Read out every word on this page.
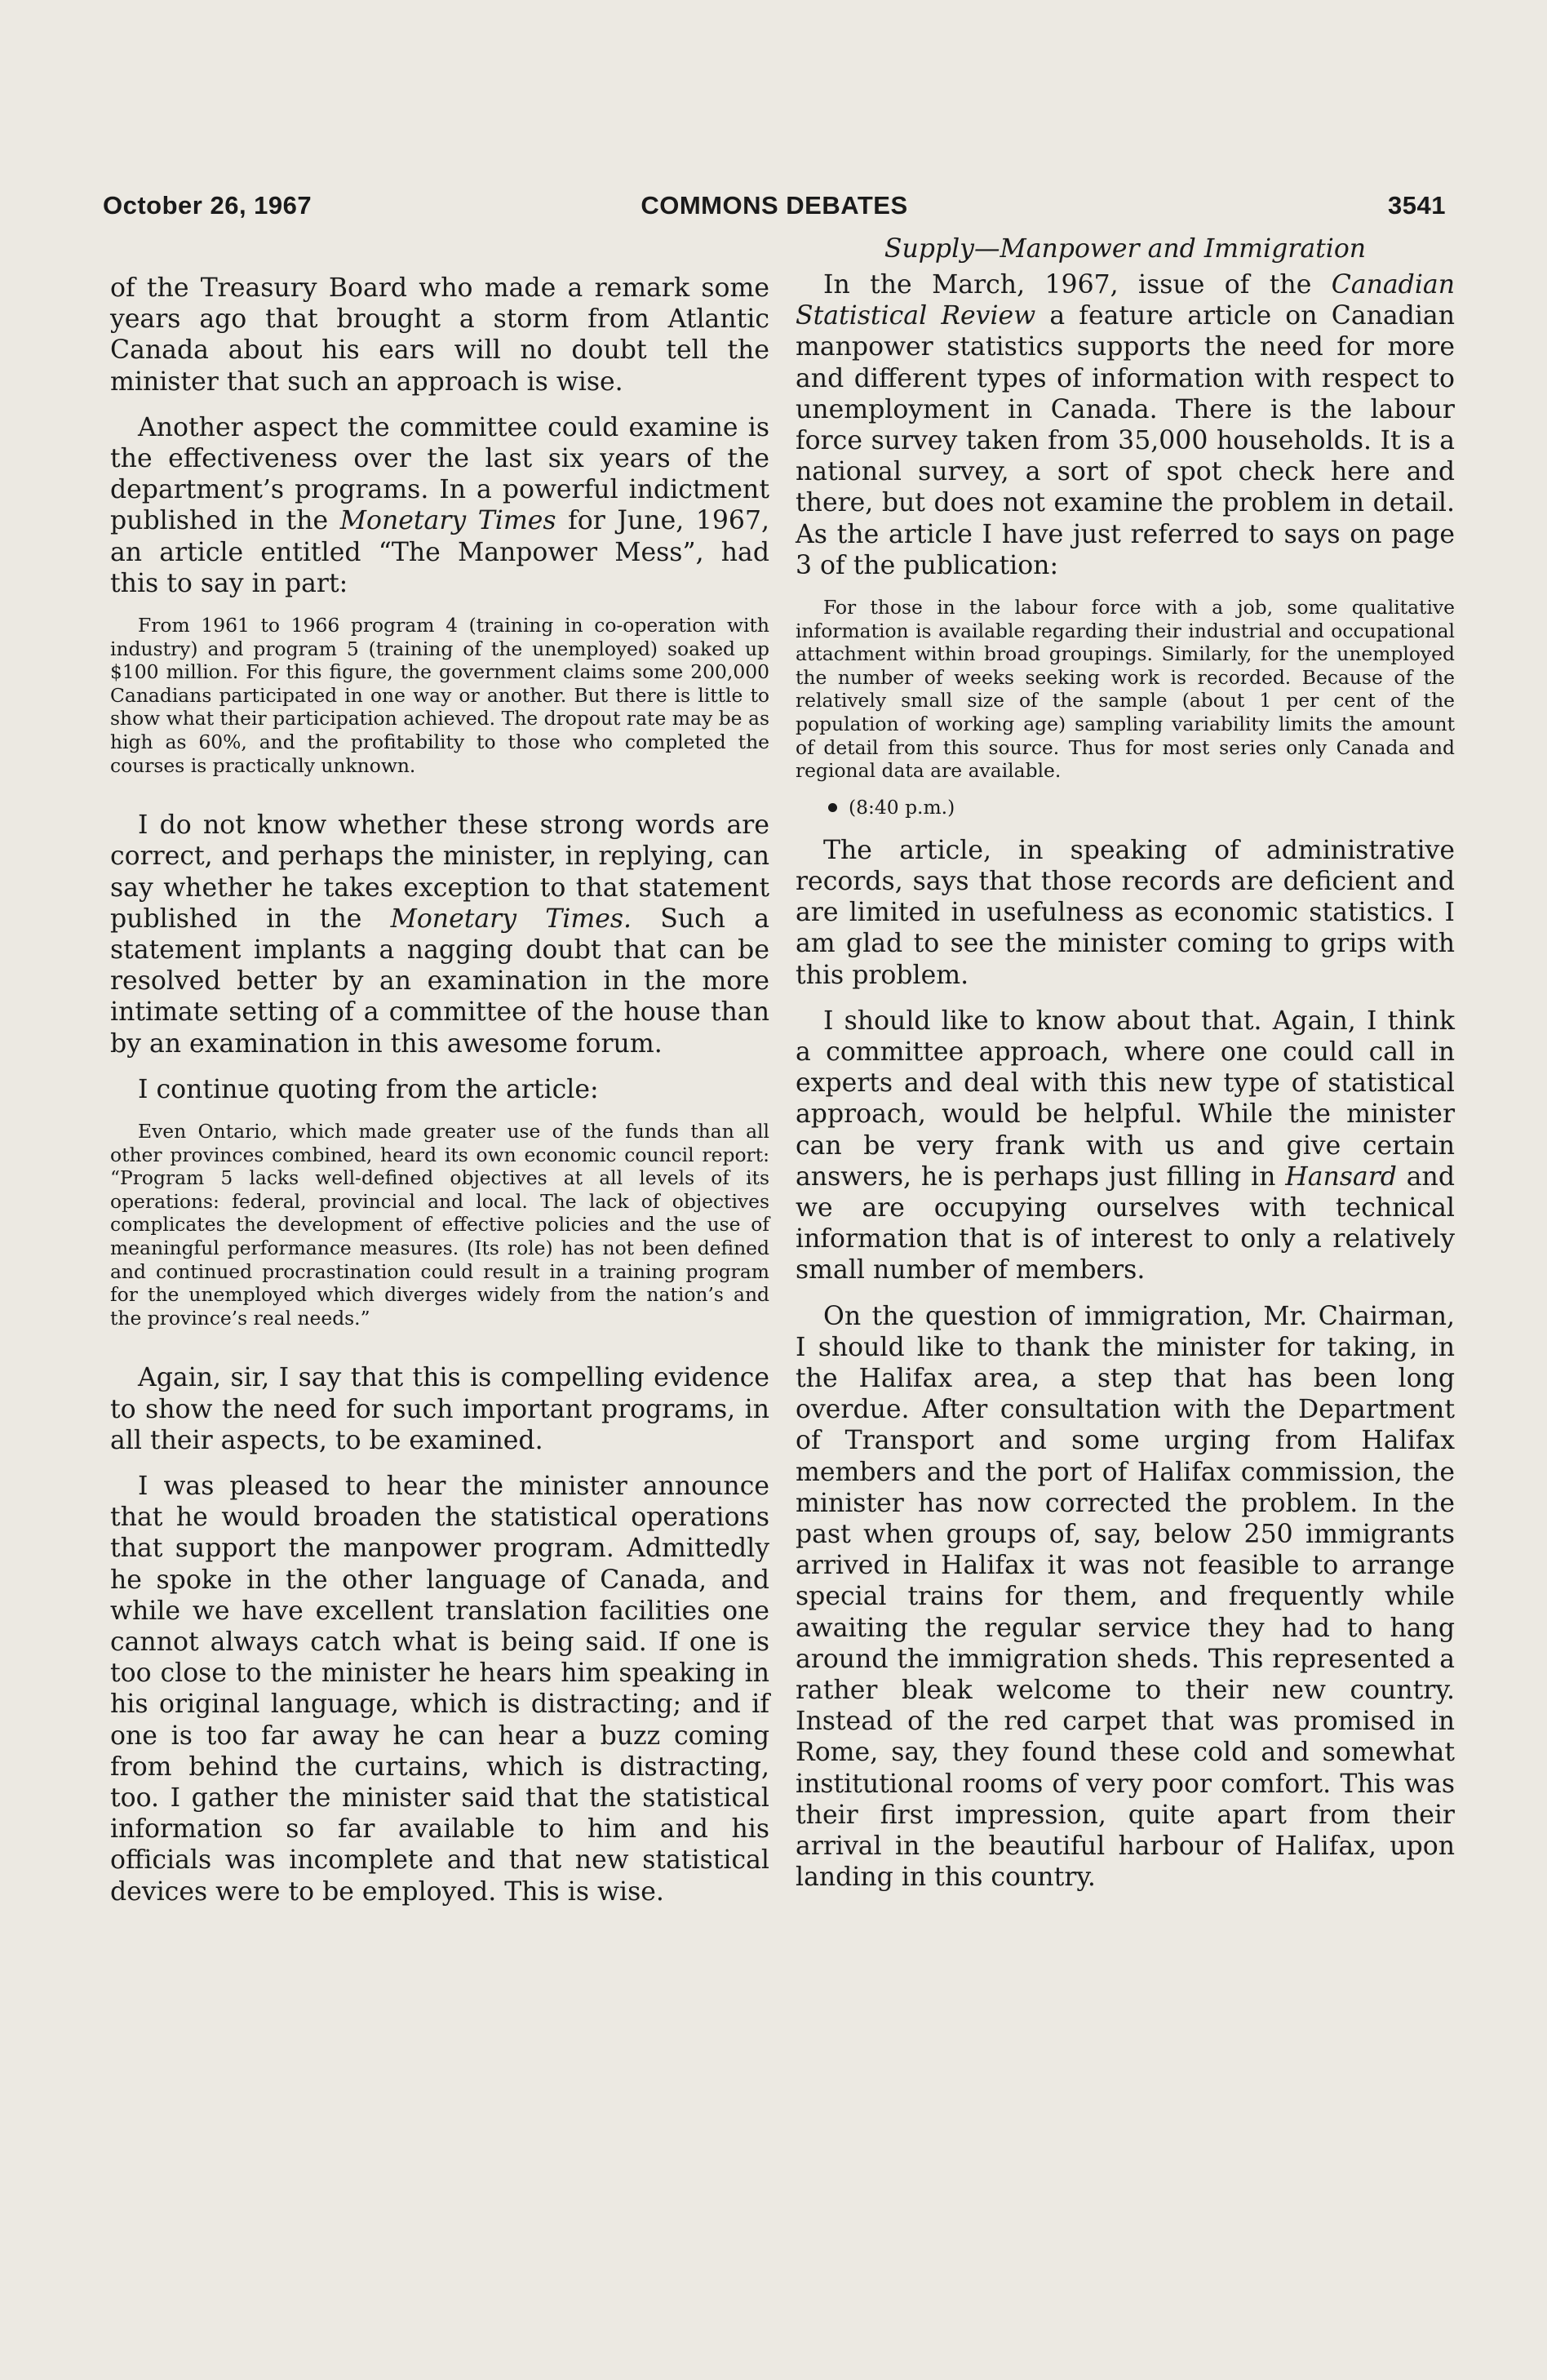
October 26, 1967	COMMONS DEBATES	3541

of the Treasury Board who made a remark some years ago that brought a storm from Atlantic Canada about his ears will no doubt tell the minister that such an approach is wise.

Another aspect the committee could examine is the effectiveness over the last six years of the department’s programs. In a powerful indictment published in the Monetary Times for June, 1967, an article entitled “The Manpower Mess”, had this to say in part:

From 1961 to 1966 program 4 (training in co-operation with industry) and program 5 (training of the unemployed) soaked up $100 million. For this figure, the government claims some 200,000 Canadians participated in one way or another. But there is little to show what their participation achieved. The dropout rate may be as high as 60%, and the profitability to those who completed the courses is practically unknown.

I do not know whether these strong words are correct, and perhaps the minister, in replying, can say whether he takes exception to that statement published in the Monetary Times. Such a statement implants a nagging doubt that can be resolved better by an examination in the more intimate setting of a committee of the house than by an examination in this awesome forum.

I continue quoting from the article:

Even Ontario, which made greater use of the funds than all other provinces combined, heard its own economic council report: “Program 5 lacks well-defined objectives at all levels of its operations: federal, provincial and local. The lack of objectives complicates the development of effective policies and the use of meaningful performance measures. (Its role) has not been defined and continued procrastination could result in a training program for the unemployed which diverges widely from the nation’s and the province’s real needs.”

Again, sir, I say that this is compelling evidence to show the need for such important programs, in all their aspects, to be examined.

I was pleased to hear the minister announce that he would broaden the statistical operations that support the manpower program. Admittedly he spoke in the other language of Canada, and while we have excellent translation facilities one cannot always catch what is being said. If one is too close to the minister he hears him speaking in his original language, which is distracting; and if one is too far away he can hear a buzz coming from behind the curtains, which is distracting, too. I gather the minister said that the statistical information so far available to him and his officials was incomplete and that new statistical devices were to be employed. This is wise.

Supply—Manpower and Immigration

In the March, 1967, issue of the Canadian Statistical Review a feature article on Canadian manpower statistics supports the need for more and different types of information with respect to unemployment in Canada. There is the labour force survey taken from 35,000 households. It is a national survey, a sort of spot check here and there, but does not examine the problem in detail. As the article I have just referred to says on page 3 of the publication:

For those in the labour force with a job, some qualitative information is available regarding their industrial and occupational attachment within broad groupings. Similarly, for the unemployed the number of weeks seeking work is recorded. Because of the relatively small size of the sample (about 1 per cent of the population of working age) sampling variability limits the amount of detail from this source. Thus for most series only Canada and regional data are available.

(8:40 p.m.)

The article, in speaking of administrative records, says that those records are deficient and are limited in usefulness as economic statistics. I am glad to see the minister coming to grips with this problem.

I should like to know about that. Again, I think a committee approach, where one could call in experts and deal with this new type of statistical approach, would be helpful. While the minister can be very frank with us and give certain answers, he is perhaps just filling in Hansard and we are occupying ourselves with technical information that is of interest to only a relatively small number of members.

On the question of immigration, Mr. Chairman, I should like to thank the minister for taking, in the Halifax area, a step that has been long overdue. After consultation with the Department of Transport and some urging from Halifax members and the port of Halifax commission, the minister has now corrected the problem. In the past when groups of, say, below 250 immigrants arrived in Halifax it was not feasible to arrange special trains for them, and frequently while awaiting the regular service they had to hang around the immigration sheds. This represented a rather bleak welcome to their new country. Instead of the red carpet that was promised in Rome, say, they found these cold and somewhat institutional rooms of very poor comfort. This was their first impression, quite apart from their arrival in the beautiful harbour of Halifax, upon landing in this country.
